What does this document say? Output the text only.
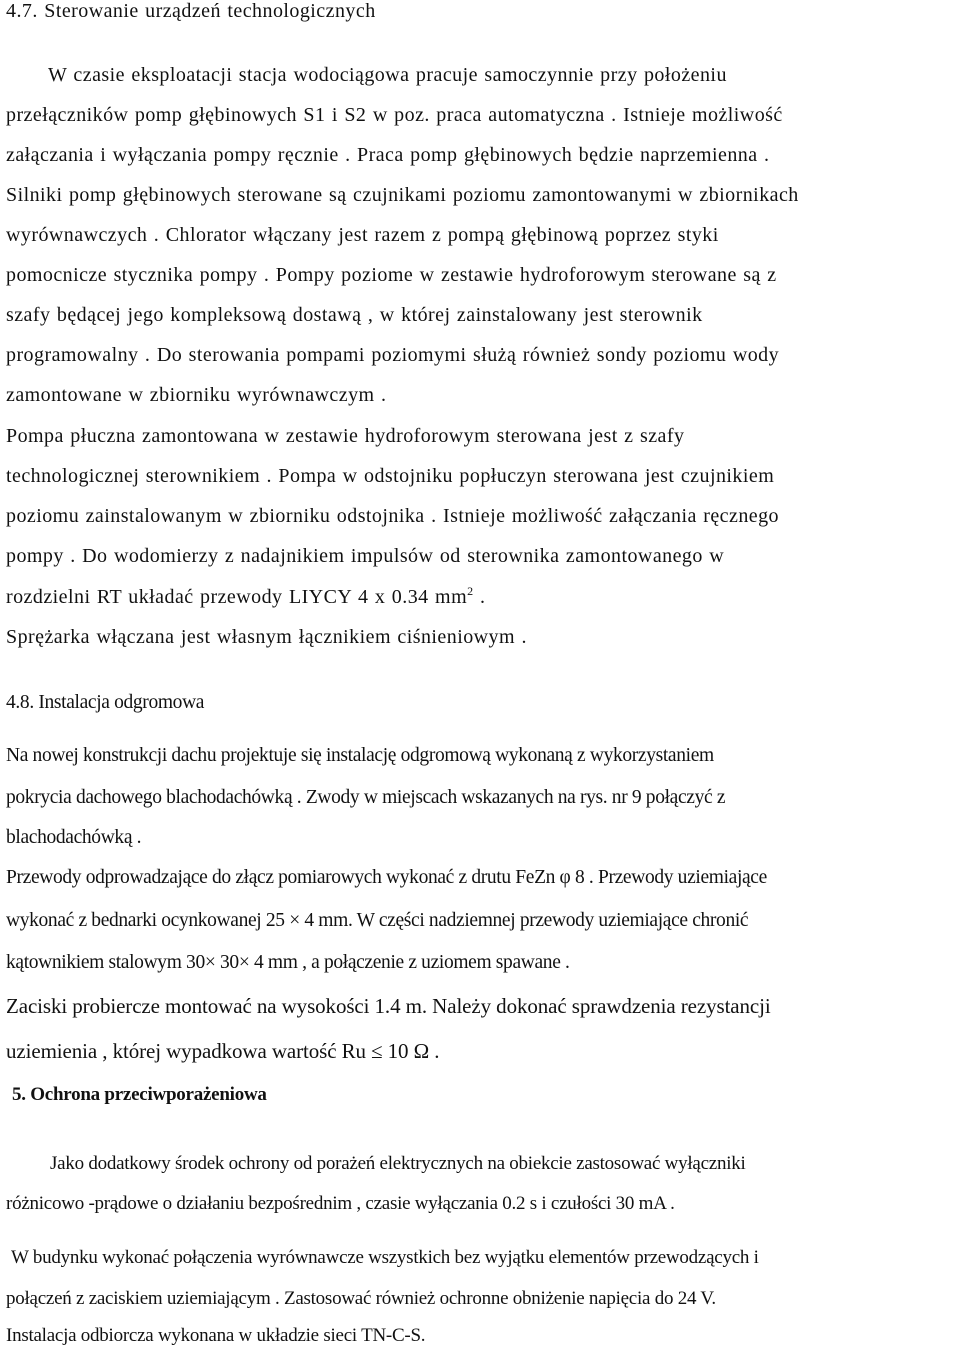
4.7. Sterowanie urządzeń technologicznych
W czasie eksploatacji stacja wodociągowa pracuje samoczynnie przy położeniu
przełączników pomp głębinowych S1 i S2 w poz. praca automatyczna . Istnieje możliwość
załączania i wyłączania pompy ręcznie . Praca pomp głębinowych będzie naprzemienna .
Silniki pomp głębinowych sterowane są czujnikami poziomu zamontowanymi w zbiornikach
wyrównawczych . Chlorator włączany jest razem z pompą głębinową poprzez styki
pomocnicze stycznika pompy . Pompy poziome w zestawie hydroforowym sterowane są z
szafy będącej jego kompleksową dostawą , w której zainstalowany jest sterownik
programowalny . Do sterowania pompami poziomymi służą również sondy poziomu wody
zamontowane w zbiorniku wyrównawczym .
Pompa płuczna zamontowana w zestawie hydroforowym sterowana jest z szafy
technologicznej sterownikiem . Pompa w odstojniku popłuczyn sterowana jest czujnikiem
poziomu zainstalowanym w zbiorniku odstojnika . Istnieje możliwość załączania ręcznego
pompy . Do wodomierzy z nadajnikiem impulsów od sterownika zamontowanego w
rozdzielni RT układać przewody LIYCY 4 x 0.34 $mm^2$ .
Sprężarka włączana jest własnym łącznikiem ciśnieniowym .
4.8. Instalacja odgromowa
Na nowej konstrukcji dachu projektuje się instalację odgromową wykonaną z wykorzystaniem
pokrycia dachowego blachodachówką . Zwody w miejscach wskazanych na rys. nr 9 połączyć z
blachodachówką .
Przewody odprowadzające do złącz pomiarowych wykonać z drutu FeZn φ 8 . Przewody uziemiające
wykonać z bednarki ocynkowanej 25 × 4 mm. W części nadziemnej przewody uziemiające chronić
kątownikiem stalowym 30× 30× 4 mm , a połączenie z uziomem spawane .
Zaciski probiercze montować na wysokości 1.4 m. Należy dokonać sprawdzenia rezystancji
uziemienia , której wypadkowa wartość Ru ≤ 10 Ω .
5. Ochrona przeciwporażeniowa
Jako dodatkowy środek ochrony od porażeń elektrycznych na obiekcie zastosować wyłączniki
różnicowo -prądowe o działaniu bezpośrednim , czasie wyłączania 0.2 s i czułości 30 mA .
W budynku wykonać połączenia wyrównawcze wszystkich bez wyjątku elementów przewodzących i
połączeń z zaciskiem uziemiającym . Zastosować również ochronne obniżenie napięcia do 24 V.
Instalacja odbiorcza wykonana w układzie sieci TN-C-S.
